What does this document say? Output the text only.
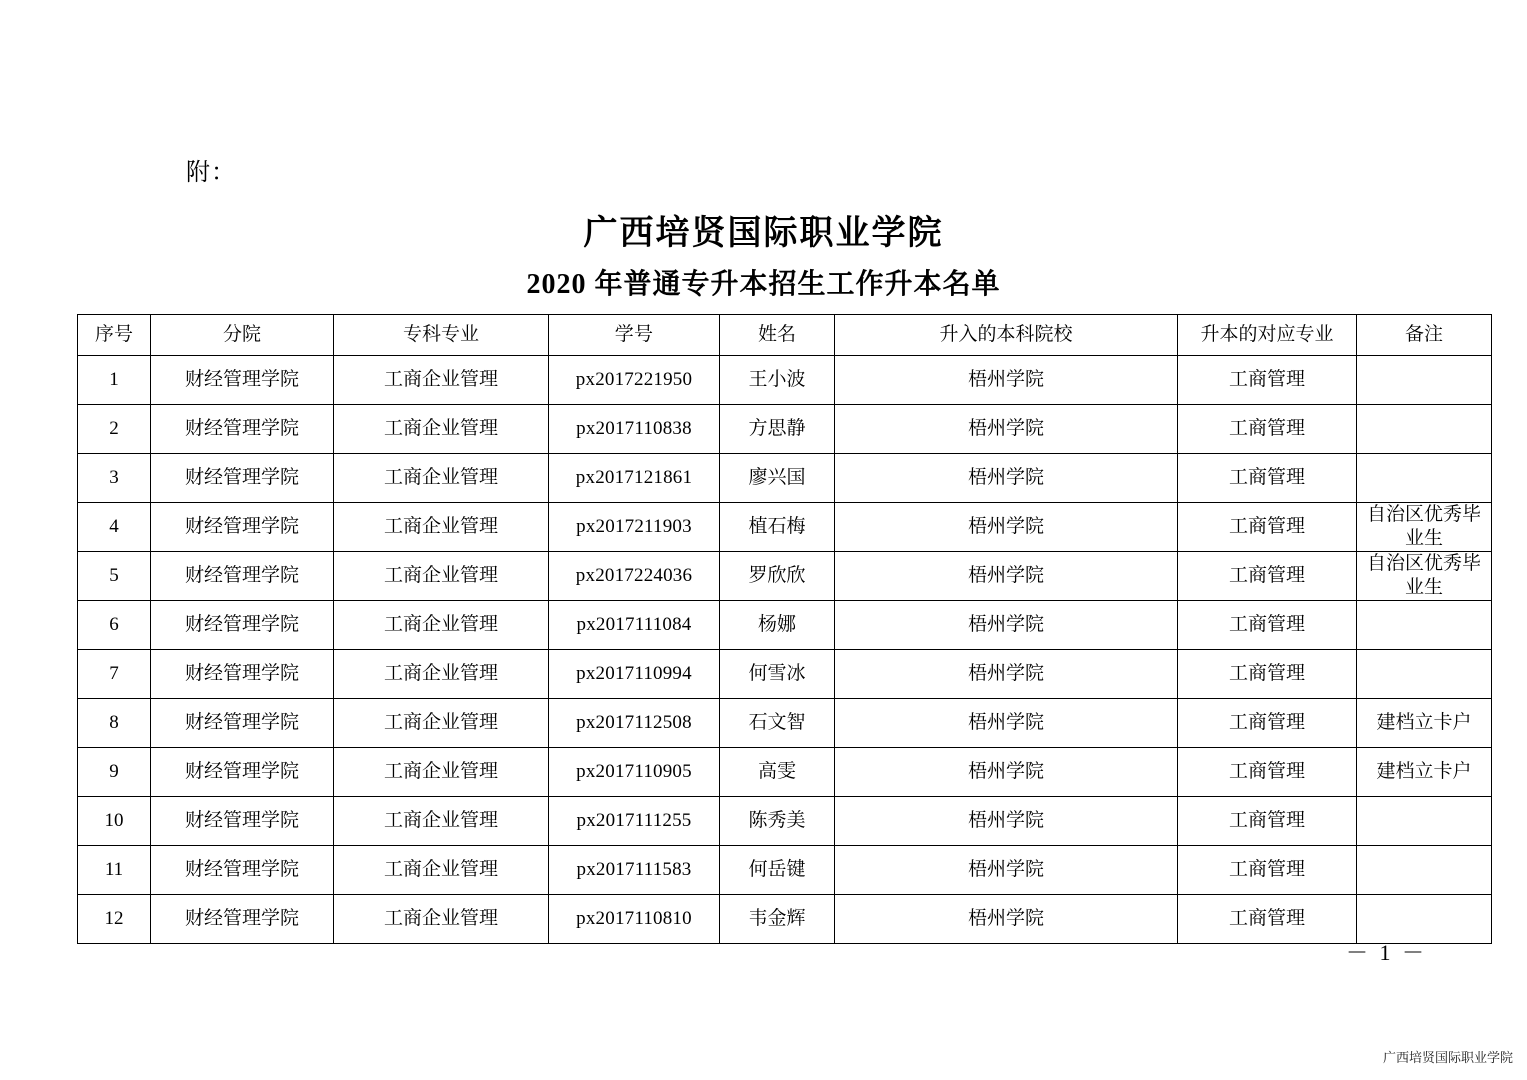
附：
广西培贤国际职业学院
2020 年普通专升本招生工作升本名单
序号	分院	专科专业	学号	姓名	升入的本科院校	升本的对应专业	备注
1	财经管理学院	工商企业管理	px2017221950	王小波	梧州学院	工商管理	
2	财经管理学院	工商企业管理	px2017110838	方思静	梧州学院	工商管理	
3	财经管理学院	工商企业管理	px2017121861	廖兴国	梧州学院	工商管理	
4	财经管理学院	工商企业管理	px2017211903	植石梅	梧州学院	工商管理	自治区优秀毕业生
5	财经管理学院	工商企业管理	px2017224036	罗欣欣	梧州学院	工商管理	自治区优秀毕业生
6	财经管理学院	工商企业管理	px2017111084	杨娜	梧州学院	工商管理	
7	财经管理学院	工商企业管理	px2017110994	何雪冰	梧州学院	工商管理	
8	财经管理学院	工商企业管理	px2017112508	石文智	梧州学院	工商管理	建档立卡户
9	财经管理学院	工商企业管理	px2017110905	高雯	梧州学院	工商管理	建档立卡户
10	财经管理学院	工商企业管理	px2017111255	陈秀美	梧州学院	工商管理	
11	财经管理学院	工商企业管理	px2017111583	何岳键	梧州学院	工商管理	
12	财经管理学院	工商企业管理	px2017110810	韦金辉	梧州学院	工商管理	
－ 1 －
广西培贤国际职业学院
